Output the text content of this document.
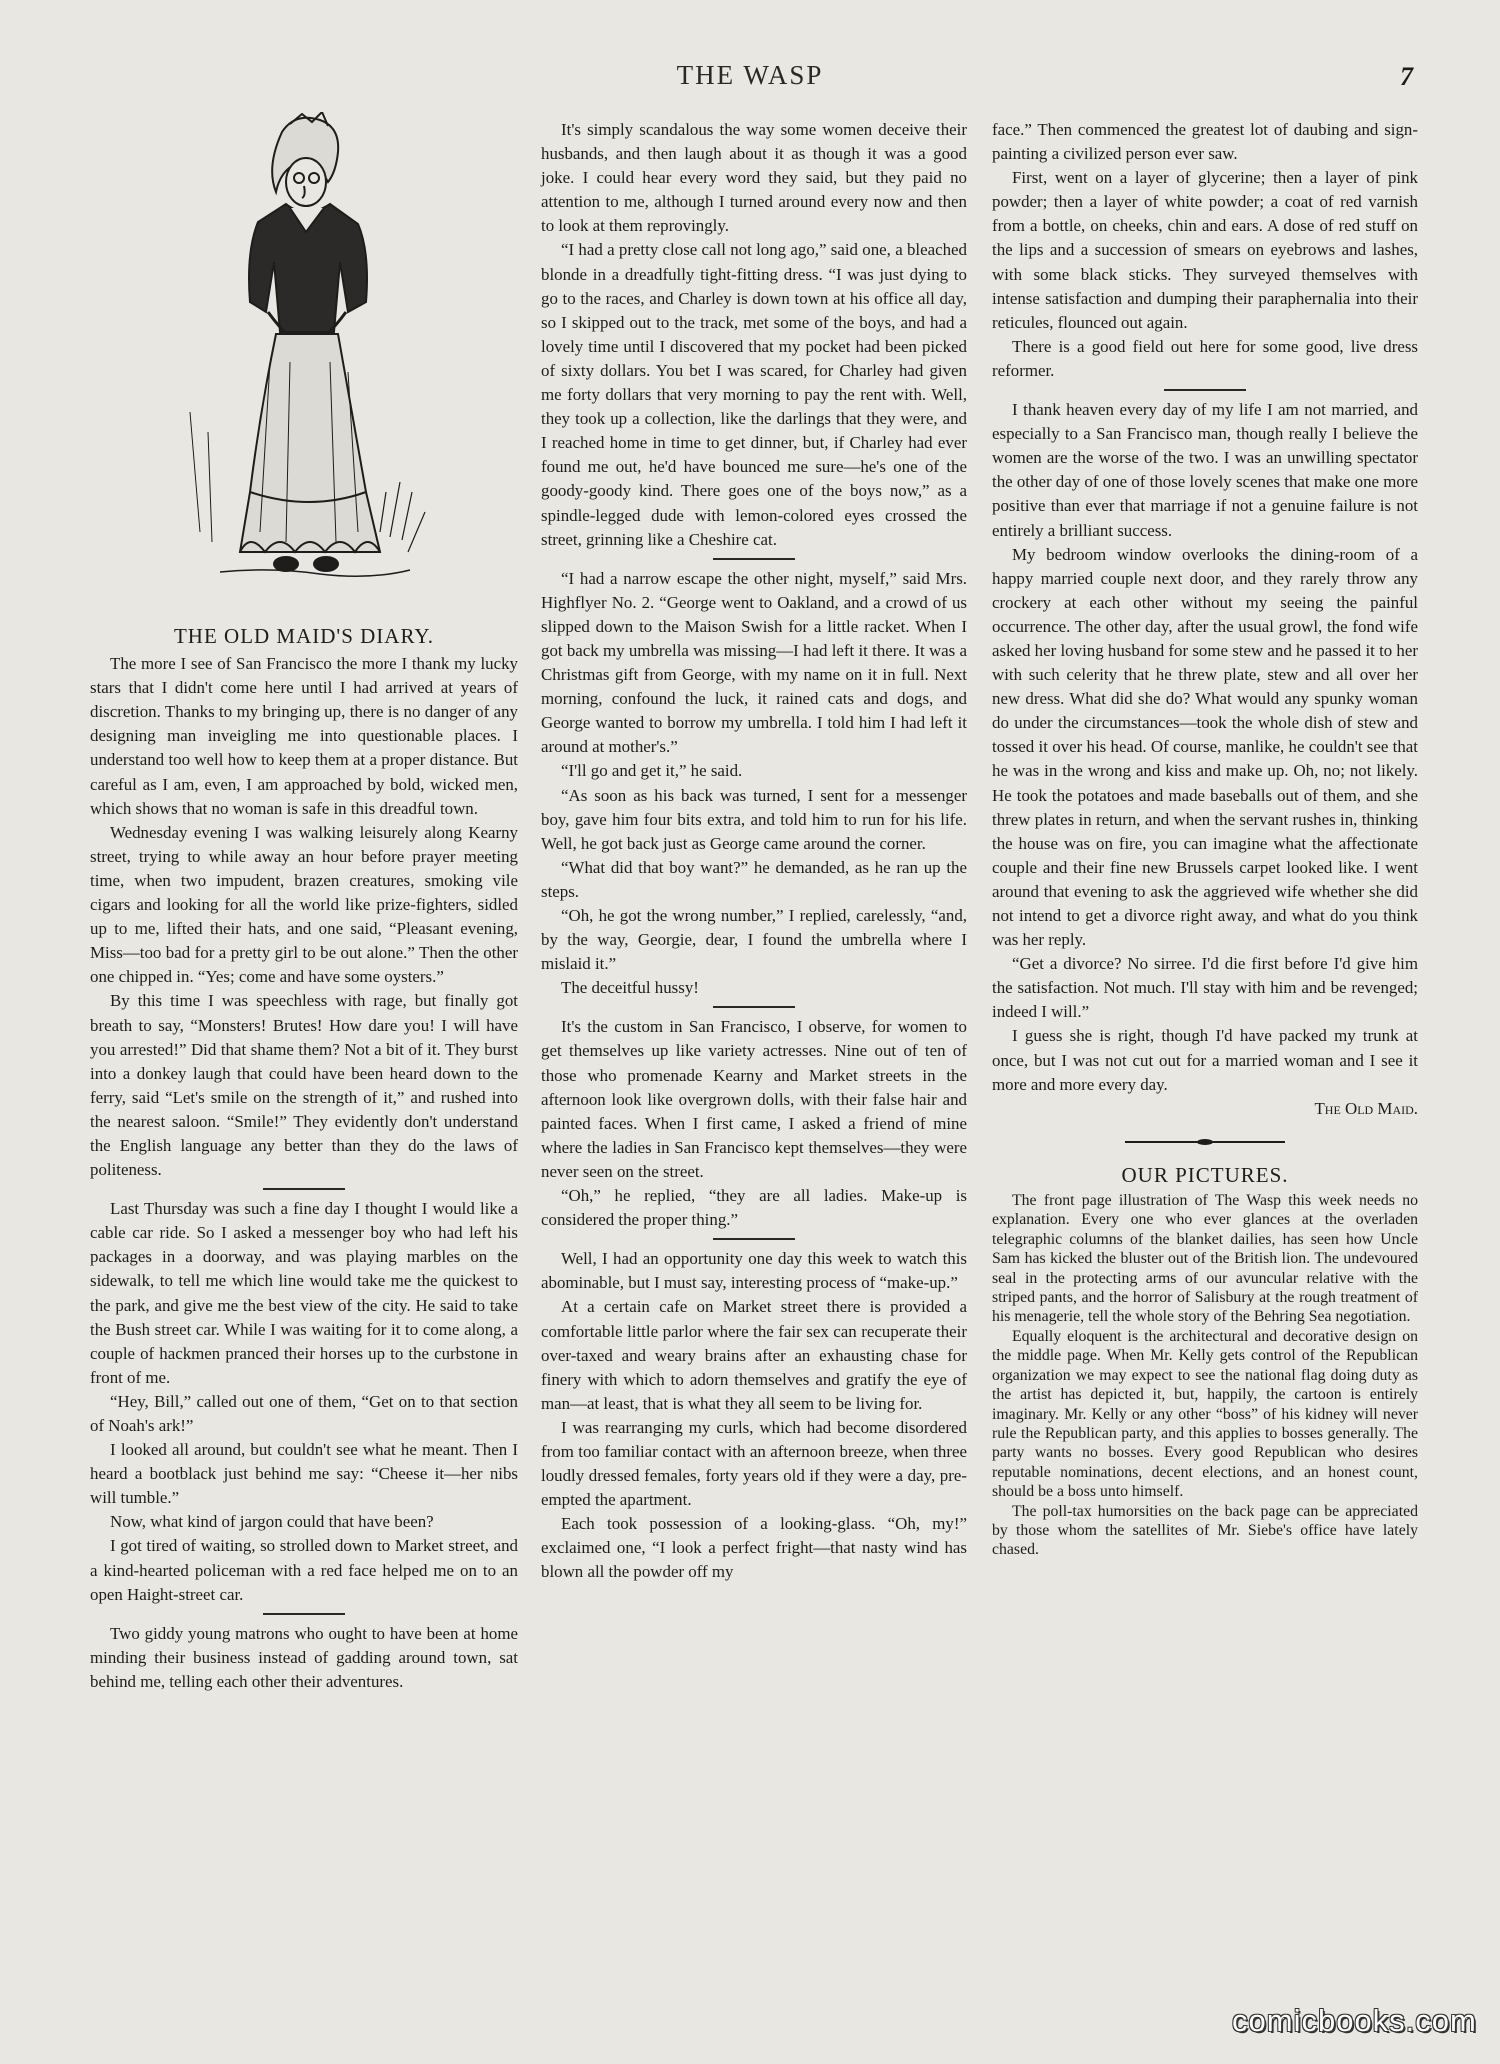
THE WASP	7
THE OLD MAID'S DIARY.

The more I see of San Francisco the more I thank my lucky stars that I didn't come here until I had arrived at years of discretion. Thanks to my bringing up, there is no danger of any designing man inveigling me into questionable places. I understand too well how to keep them at a proper distance. But careful as I am, even, I am approached by bold, wicked men, which shows that no woman is safe in this dreadful town.

Wednesday evening I was walking leisurely along Kearny street, trying to while away an hour before prayer meeting time, when two impudent, brazen creatures, smoking vile cigars and looking for all the world like prize-fighters, sidled up to me, lifted their hats, and one said, “Pleasant evening, Miss—too bad for a pretty girl to be out alone.” Then the other one chipped in. “Yes; come and have some oysters.”

By this time I was speechless with rage, but finally got breath to say, “Monsters! Brutes! How dare you! I will have you arrested!” Did that shame them? Not a bit of it. They burst into a donkey laugh that could have been heard down to the ferry, said “Let's smile on the strength of it,” and rushed into the nearest saloon. “Smile!” They evidently don't understand the English language any better than they do the laws of politeness.

Last Thursday was such a fine day I thought I would like a cable car ride. So I asked a messenger boy who had left his packages in a doorway, and was playing marbles on the sidewalk, to tell me which line would take me the quickest to the park, and give me the best view of the city. He said to take the Bush street car. While I was waiting for it to come along, a couple of hackmen pranced their horses up to the curbstone in front of me.

“Hey, Bill,” called out one of them, “Get on to that section of Noah's ark!”

I looked all around, but couldn't see what he meant. Then I heard a bootblack just behind me say: “Cheese it—her nibs will tumble.”

Now, what kind of jargon could that have been?

I got tired of waiting, so strolled down to Market street, and a kind-hearted policeman with a red face helped me on to an open Haight-street car.

Two giddy young matrons who ought to have been at home minding their business instead of gadding around town, sat behind me, telling each other their adventures.

It's simply scandalous the way some women deceive their husbands, and then laugh about it as though it was a good joke. I could hear every word they said, but they paid no attention to me, although I turned around every now and then to look at them reprovingly.

“I had a pretty close call not long ago,” said one, a bleached blonde in a dreadfully tight-fitting dress. “I was just dying to go to the races, and Charley is down town at his office all day, so I skipped out to the track, met some of the boys, and had a lovely time until I discovered that my pocket had been picked of sixty dollars. You bet I was scared, for Charley had given me forty dollars that very morning to pay the rent with. Well, they took up a collection, like the darlings that they were, and I reached home in time to get dinner, but, if Charley had ever found me out, he'd have bounced me sure—he's one of the goody-goody kind. There goes one of the boys now,” as a spindle-legged dude with lemon-colored eyes crossed the street, grinning like a Cheshire cat.

“I had a narrow escape the other night, myself,” said Mrs. Highflyer No. 2. “George went to Oakland, and a crowd of us slipped down to the Maison Swish for a little racket. When I got back my umbrella was missing—I had left it there. It was a Christmas gift from George, with my name on it in full. Next morning, confound the luck, it rained cats and dogs, and George wanted to borrow my umbrella. I told him I had left it around at mother's.”

“I'll go and get it,” he said.

“As soon as his back was turned, I sent for a messenger boy, gave him four bits extra, and told him to run for his life. Well, he got back just as George came around the corner.

“What did that boy want?” he demanded, as he ran up the steps.

“Oh, he got the wrong number,” I replied, carelessly, “and, by the way, Georgie, dear, I found the umbrella where I mislaid it.”

The deceitful hussy!

It's the custom in San Francisco, I observe, for women to get themselves up like variety actresses. Nine out of ten of those who promenade Kearny and Market streets in the afternoon look like overgrown dolls, with their false hair and painted faces. When I first came, I asked a friend of mine where the ladies in San Francisco kept themselves—they were never seen on the street.

“Oh,” he replied, “they are all ladies. Make-up is considered the proper thing.”

Well, I had an opportunity one day this week to watch this abominable, but I must say, interesting process of “make-up.”

At a certain cafe on Market street there is provided a comfortable little parlor where the fair sex can recuperate their over-taxed and weary brains after an exhausting chase for finery with which to adorn themselves and gratify the eye of man—at least, that is what they all seem to be living for.

I was rearranging my curls, which had become disordered from too familiar contact with an afternoon breeze, when three loudly dressed females, forty years old if they were a day, pre-empted the apartment.

Each took possession of a looking-glass. “Oh, my!” exclaimed one, “I look a perfect fright—that nasty wind has blown all the powder off my

face.” Then commenced the greatest lot of daubing and sign-painting a civilized person ever saw.

First, went on a layer of glycerine; then a layer of pink powder; then a layer of white powder; a coat of red varnish from a bottle, on cheeks, chin and ears. A dose of red stuff on the lips and a succession of smears on eyebrows and lashes, with some black sticks. They surveyed themselves with intense satisfaction and dumping their paraphernalia into their reticules, flounced out again.

There is a good field out here for some good, live dress reformer.

I thank heaven every day of my life I am not married, and especially to a San Francisco man, though really I believe the women are the worse of the two. I was an unwilling spectator the other day of one of those lovely scenes that make one more positive than ever that marriage if not a genuine failure is not entirely a brilliant success.

My bedroom window overlooks the dining-room of a happy married couple next door, and they rarely throw any crockery at each other without my seeing the painful occurrence. The other day, after the usual growl, the fond wife asked her loving husband for some stew and he passed it to her with such celerity that he threw plate, stew and all over her new dress. What did she do? What would any spunky woman do under the circumstances—took the whole dish of stew and tossed it over his head. Of course, manlike, he couldn't see that he was in the wrong and kiss and make up. Oh, no; not likely. He took the potatoes and made baseballs out of them, and she threw plates in return, and when the servant rushes in, thinking the house was on fire, you can imagine what the affectionate couple and their fine new Brussels carpet looked like. I went around that evening to ask the aggrieved wife whether she did not intend to get a divorce right away, and what do you think was her reply.

“Get a divorce? No sirree. I'd die first before I'd give him the satisfaction. Not much. I'll stay with him and be revenged; indeed I will.”

I guess she is right, though I'd have packed my trunk at once, but I was not cut out for a married woman and I see it more and more every day.

The Old Maid.
OUR PICTURES.

The front page illustration of The Wasp this week needs no explanation. Every one who ever glances at the overladen telegraphic columns of the blanket dailies, has seen how Uncle Sam has kicked the bluster out of the British lion. The undevoured seal in the protecting arms of our avuncular relative with the striped pants, and the horror of Salisbury at the rough treatment of his menagerie, tell the whole story of the Behring Sea negotiation.

Equally eloquent is the architectural and decorative design on the middle page. When Mr. Kelly gets control of the Republican organization we may expect to see the national flag doing duty as the artist has depicted it, but, happily, the cartoon is entirely imaginary. Mr. Kelly or any other “boss” of his kidney will never rule the Republican party, and this applies to bosses generally. The party wants no bosses. Every good Republican who desires reputable nominations, decent elections, and an honest count, should be a boss unto himself.

The poll-tax humorsities on the back page can be appreciated by those whom the satellites of Mr. Siebe's office have lately chased.

comicbooks.com
